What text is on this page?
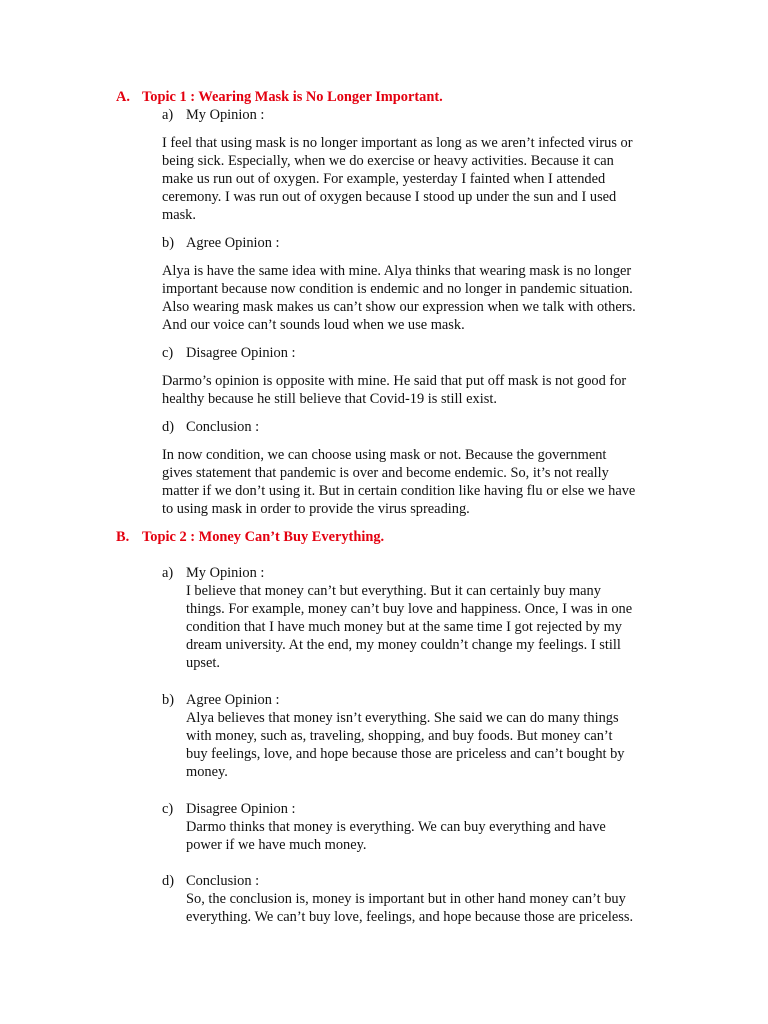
A. Topic 1 : Wearing Mask is No Longer Important.
a) My Opinion :
I feel that using mask is no longer important as long as we aren’t infected virus or
being sick. Especially, when we do exercise or heavy activities. Because it can
make us run out of oxygen. For example, yesterday I fainted when I attended
ceremony. I was run out of oxygen because I stood up under the sun and I used
mask.
b) Agree Opinion :
Alya is have the same idea with mine. Alya thinks that wearing mask is no longer
important because now condition is endemic and no longer in pandemic situation.
Also wearing mask makes us can’t show our expression when we talk with others.
And our voice can’t sounds loud when we use mask.
c) Disagree Opinion :
Darmo’s opinion is opposite with mine. He said that put off mask is not good for
healthy because he still believe that Covid-19 is still exist.
d) Conclusion :
In now condition, we can choose using mask or not. Because the government
gives statement that pandemic is over and become endemic. So, it’s not really
matter if we don’t using it. But in certain condition like having flu or else we have
to using mask in order to provide the virus spreading.
B. Topic 2 : Money Can’t Buy Everything.
a) My Opinion :
I believe that money can’t but everything. But it can certainly buy many
things. For example, money can’t buy love and happiness. Once, I was in one
condition that I have much money but at the same time I got rejected by my
dream university. At the end, my money couldn’t change my feelings. I still
upset.
b) Agree Opinion :
Alya believes that money isn’t everything. She said we can do many things
with money, such as, traveling, shopping, and buy foods. But money can’t
buy feelings, love, and hope because those are priceless and can’t bought by
money.
c) Disagree Opinion :
Darmo thinks that money is everything. We can buy everything and have
power if we have much money.
d) Conclusion :
So, the conclusion is, money is important but in other hand money can’t buy
everything. We can’t buy love, feelings, and hope because those are priceless.
